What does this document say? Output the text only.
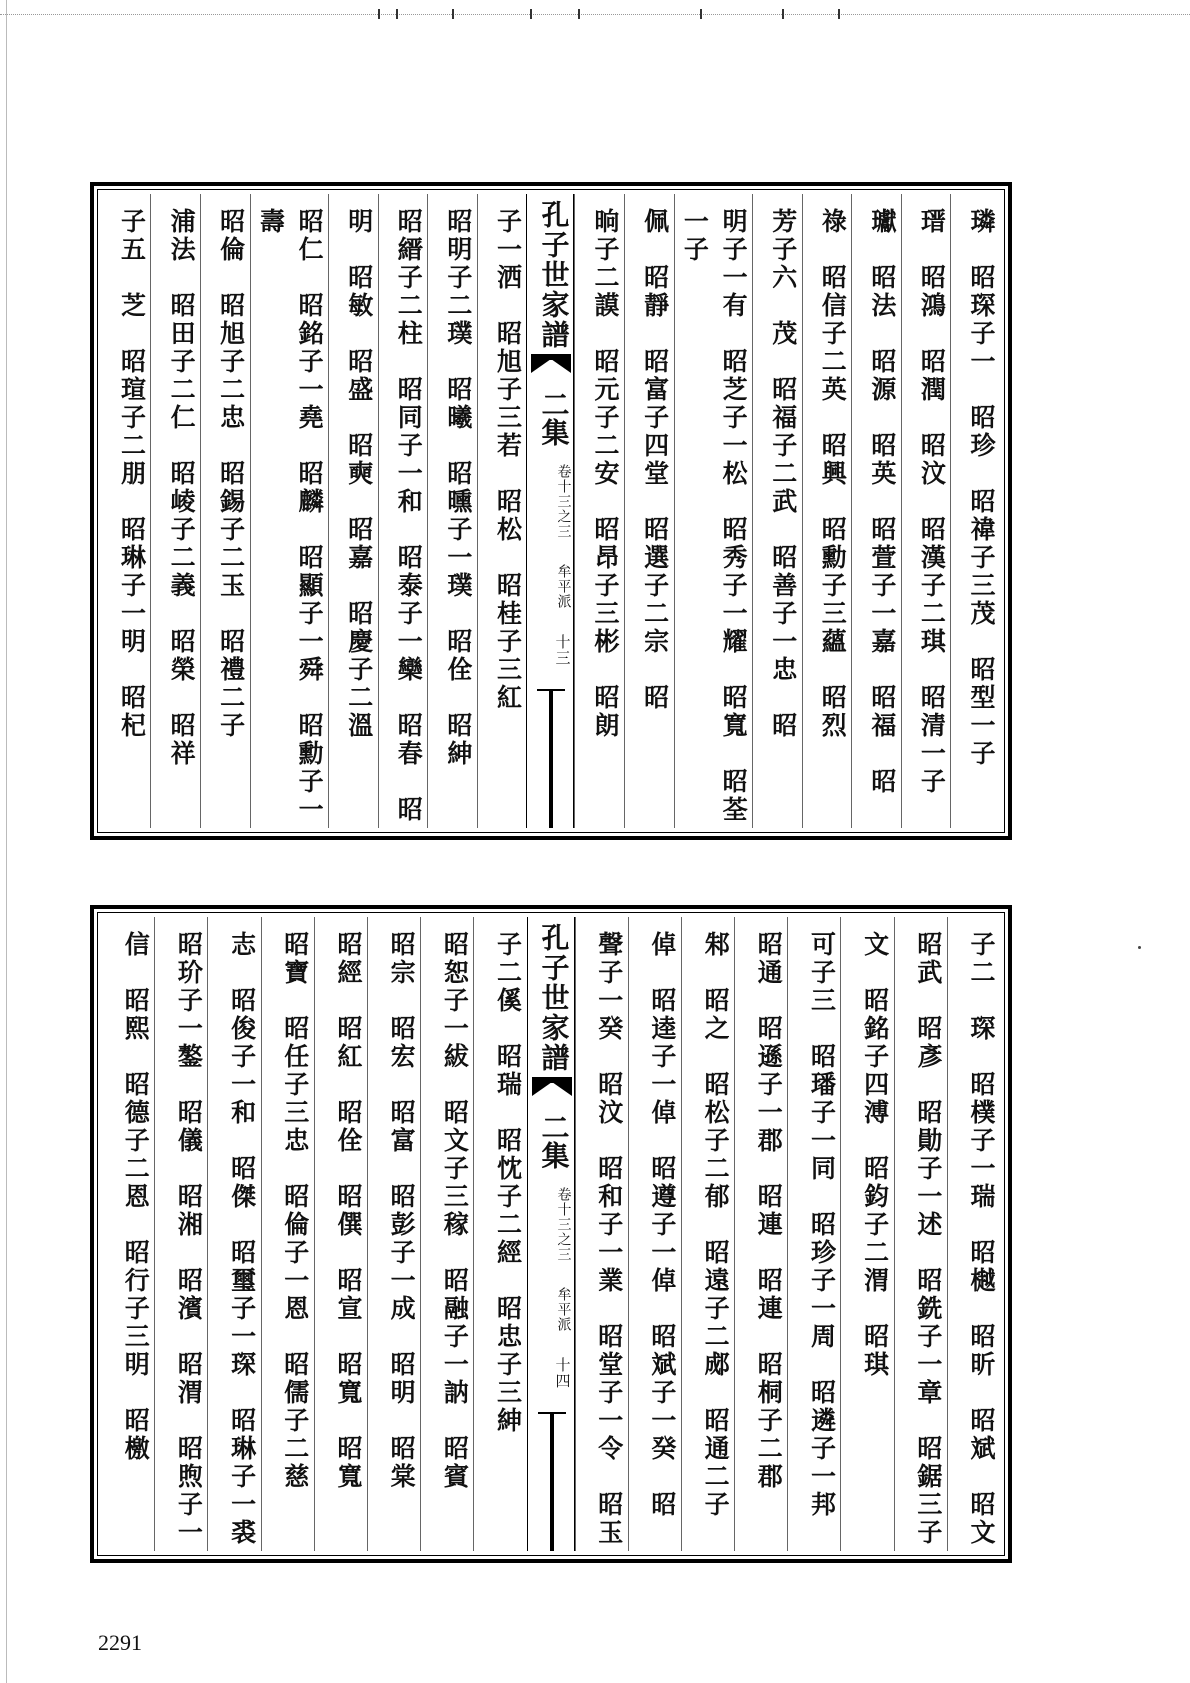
璘　昭琛子一　昭珍　昭禕子三茂　昭型一子
瑨　昭鴻　昭潤　昭汶　昭漢子二琪　昭清一子
瓛　昭法　昭源　昭英　昭萱子一嘉　昭福　昭
祿　昭信子二英　昭興　昭勳子三蘊　昭烈
芳子六　茂　昭福子二武　昭善子一忠　昭
明子一有　昭芝子一松　昭秀子一耀　昭寬　昭荃一子
佩　昭靜　昭富子四堂　昭選子二宗　昭
晌子二謨　昭元子二安　昭昂子三彬　昭朗
孔子世家譜
二集
卷十三之三
牟平派
十三
子一洒　昭旭子三若　昭松　昭桂子三紅
昭明子二璞　昭曦　昭曛子一璞　昭佺　昭紳
昭縉子二柱　昭同子一和　昭泰子一欒　昭春　昭
明　昭敏　昭盛　昭奭　昭嘉　昭慶子二溫
昭仁　昭銘子一堯　昭麟　昭顯子一舜　昭勳子一壽
昭倫　昭旭子二忠　昭錫子二玉　昭禮二子
浦法　昭田子二仁　昭崚子二義　昭榮　昭祥
子五　芝　昭瑄子二朋　昭琳子一明　昭杞
子二　琛　昭樸子一瑞　昭樾　昭昕　昭斌　昭文
昭武　昭彥　昭勛子一述　昭銑子一章　昭鋸三子
文　昭銘子四溥　昭鈞子二渭　昭琪
可子三　昭璠子一同　昭珍子一周　昭遴子一邦
昭通　昭遜子一郡　昭連　昭連　昭桐子二郡
邾　昭之　昭松子二郁　昭遠子二郕　昭通二子
倬　昭逵子一倬　昭遵子一倬　昭斌子一癸　昭
聲子一癸　昭汶　昭和子一業　昭堂子一令　昭玉
孔子世家譜
二集
卷十三之三
牟平派
十四
子二傒　昭瑞　昭忱子二經　昭忠子三紳
昭恕子一紱　昭文子三稼　昭融子一訥　昭賓
昭宗　昭宏　昭富　昭彭子一成　昭明　昭棠
昭經　昭紅　昭佺　昭僎　昭宣　昭寬　昭寬
昭寶　昭任子三忠　昭倫子一恩　昭儒子二慈
志　昭俊子一和　昭傑　昭璽子一琛　昭琳子一裘
昭玠子一鏊　昭儀　昭湘　昭濱　昭渭　昭煦子一
信　昭熙　昭德子二恩　昭行子三明　昭檄
2291
